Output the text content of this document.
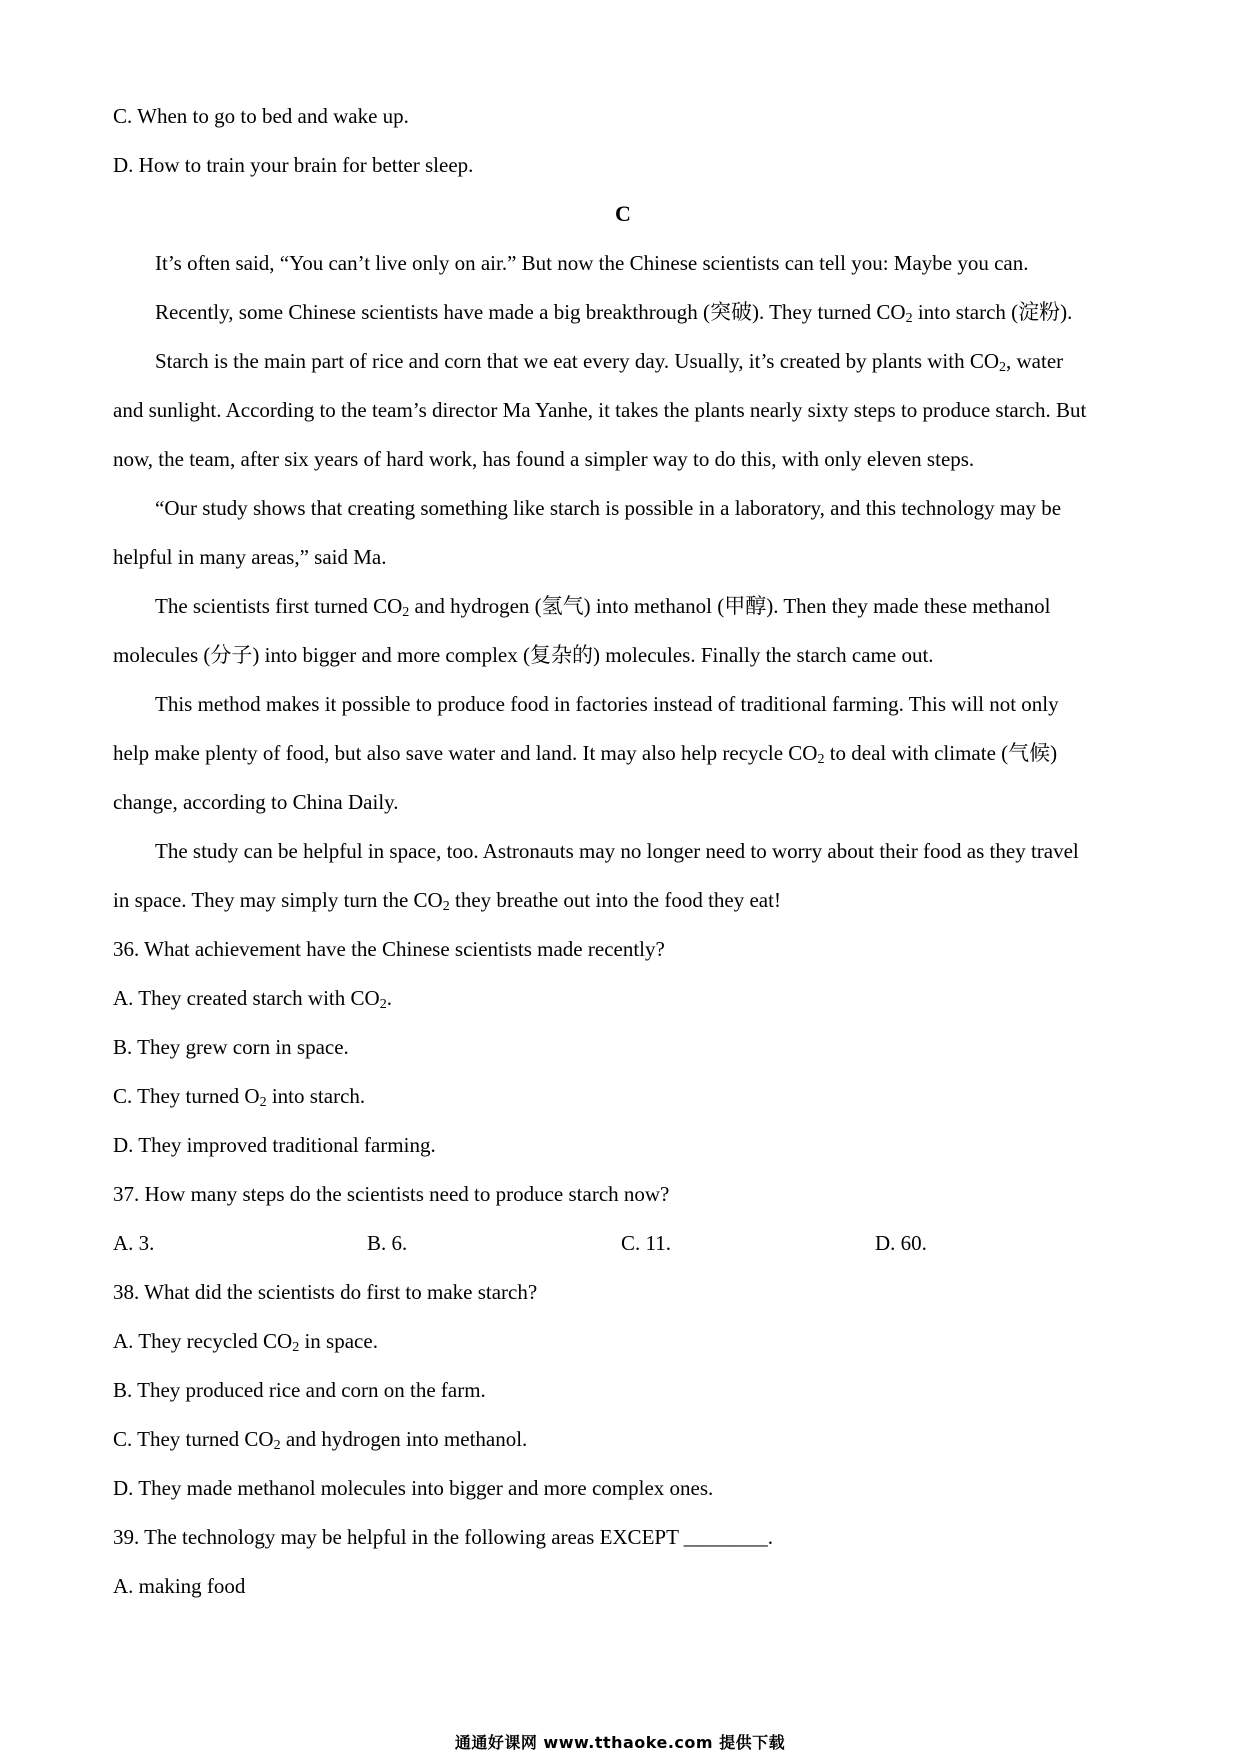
C. When to go to bed and wake up.
D. How to train your brain for better sleep.
C
It’s often said, “You can’t live only on air.” But now the Chinese scientists can tell you: Maybe you can.
Recently, some Chinese scientists have made a big breakthrough (突破). They turned $CO_2$ into starch (淀粉).
Starch is the main part of rice and corn that we eat every day. Usually, it’s created by plants with $CO_2$, water
and sunlight. According to the team’s director Ma Yanhe, it takes the plants nearly sixty steps to produce starch. But
now, the team, after six years of hard work, has found a simpler way to do this, with only eleven steps.
“Our study shows that creating something like starch is possible in a laboratory, and this technology may be
helpful in many areas,” said Ma.
The scientists first turned $CO_2$ and hydrogen (氢气) into methanol (甲醇). Then they made these methanol
molecules (分子) into bigger and more complex (复杂的) molecules. Finally the starch came out.
This method makes it possible to produce food in factories instead of traditional farming. This will not only
help make plenty of food, but also save water and land. It may also help recycle $CO_2$ to deal with climate (气候)
change, according to China Daily.
The study can be helpful in space, too. Astronauts may no longer need to worry about their food as they travel
in space. They may simply turn the $CO_2$ they breathe out into the food they eat!
36. What achievement have the Chinese scientists made recently?
A. They created starch with $CO_2$.
B. They grew corn in space.
C. They turned $O_2$ into starch.
D. They improved traditional farming.
37. How many steps do the scientists need to produce starch now?
A. 3.	B. 6.	C. 11.	D. 60.
38. What did the scientists do first to make starch?
A. They recycled $CO_2$ in space.
B. They produced rice and corn on the farm.
C. They turned $CO_2$ and hydrogen into methanol.
D. They made methanol molecules into bigger and more complex ones.
39. The technology may be helpful in the following areas EXCEPT ________.
A. making food
通通好课网 www.tthaoke.com 提供下载
